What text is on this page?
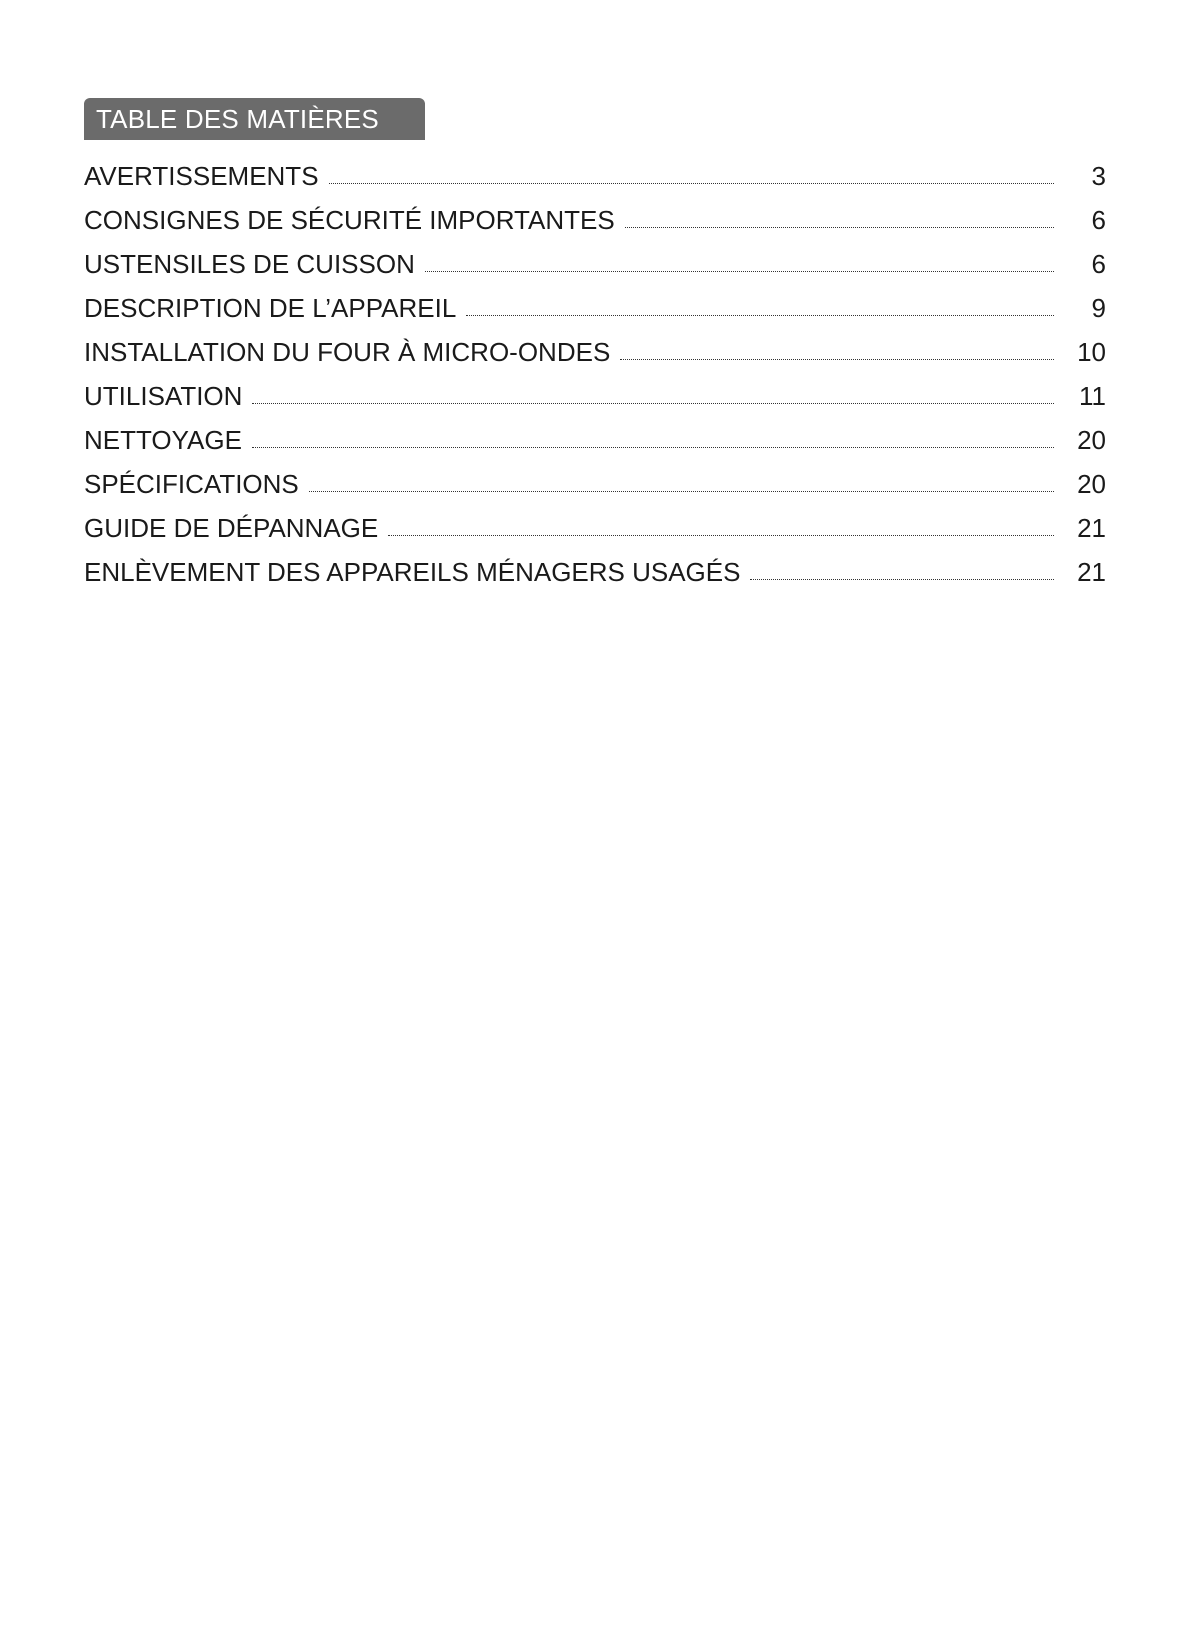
TABLE DES MATIÈRES
AVERTISSEMENTS	3
CONSIGNES DE SÉCURITÉ IMPORTANTES	6
USTENSILES DE CUISSON	6
DESCRIPTION DE L’APPAREIL	9
INSTALLATION DU FOUR À MICRO-ONDES	10
UTILISATION	11
NETTOYAGE	20
SPÉCIFICATIONS	20
GUIDE DE DÉPANNAGE	21
ENLÈVEMENT DES APPAREILS MÉNAGERS USAGÉS	21
